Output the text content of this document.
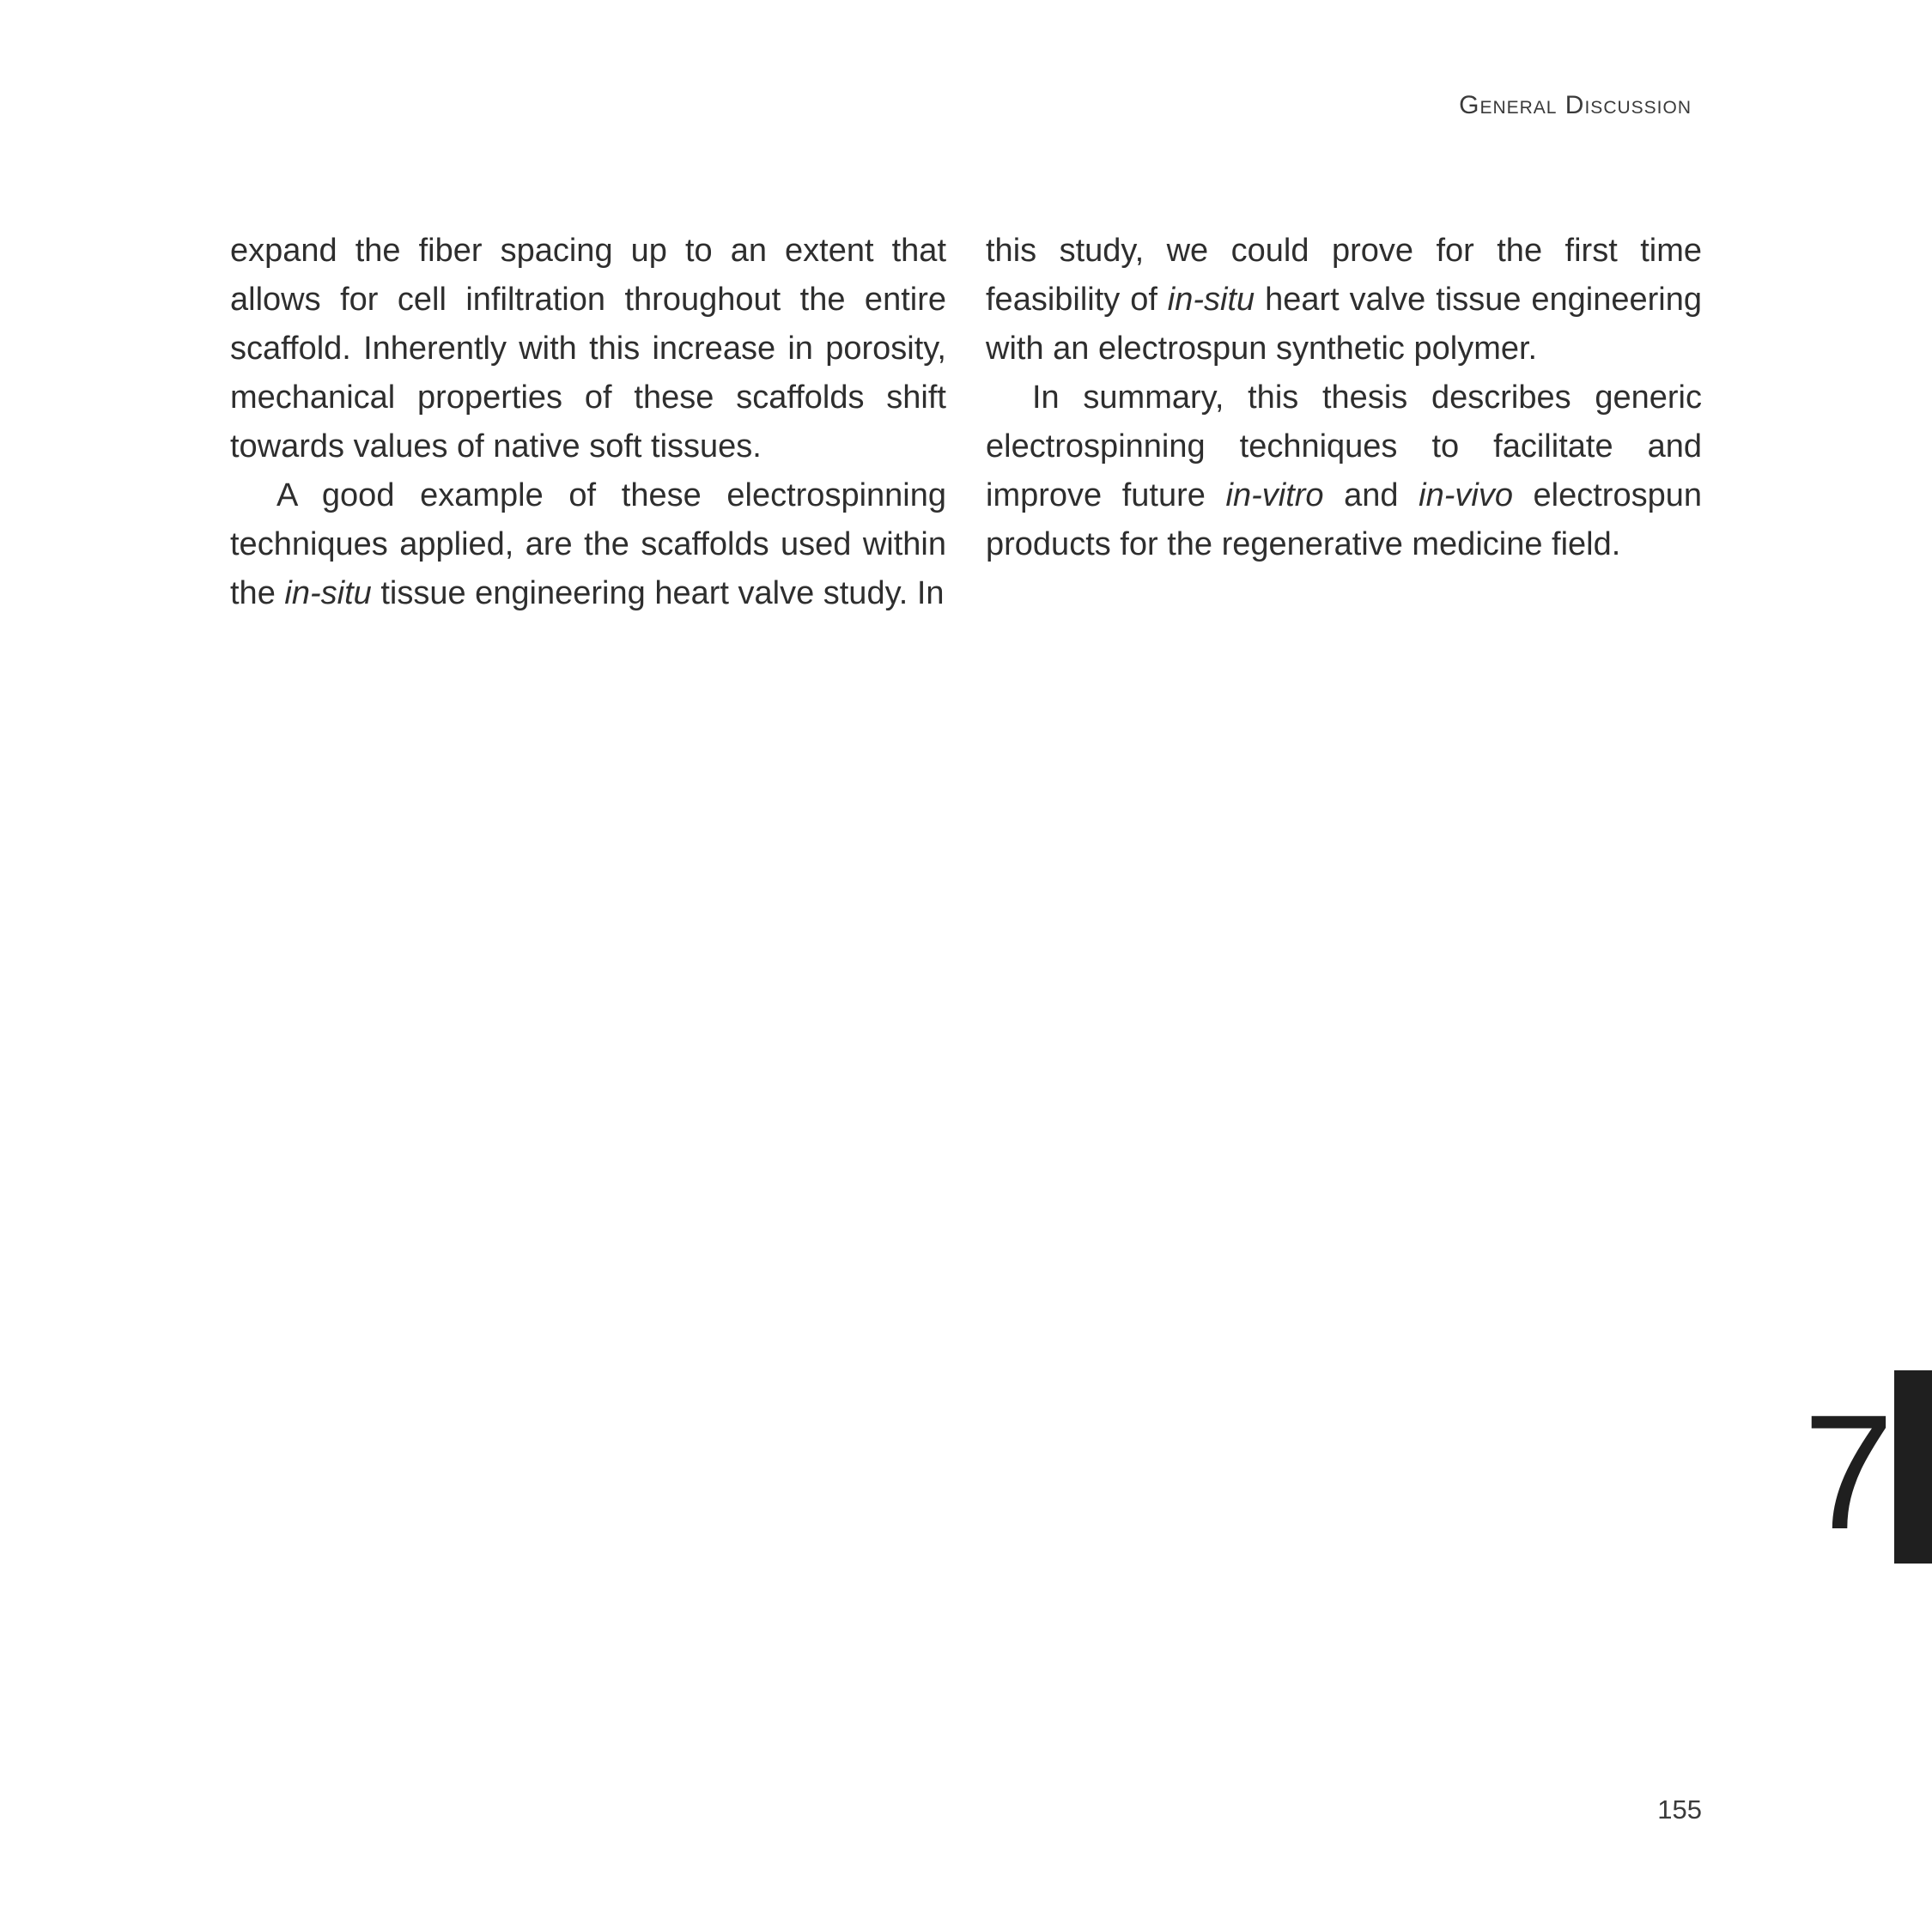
General Discussion

expand the fiber spacing up to an extent that allows for cell infiltration throughout the entire scaffold. Inherently with this increase in porosity, mechanical properties of these scaffolds shift towards values of native soft tissues.

A good example of these electrospinning techniques applied, are the scaffolds used within the in-situ tissue engineering heart valve study. In

this study, we could prove for the first time feasibility of in-situ heart valve tissue engineering with an electrospun synthetic polymer.

In summary, this thesis describes generic electrospinning techniques to facilitate and improve future in-vitro and in-vivo electrospun products for the regenerative medicine field.

7
155
